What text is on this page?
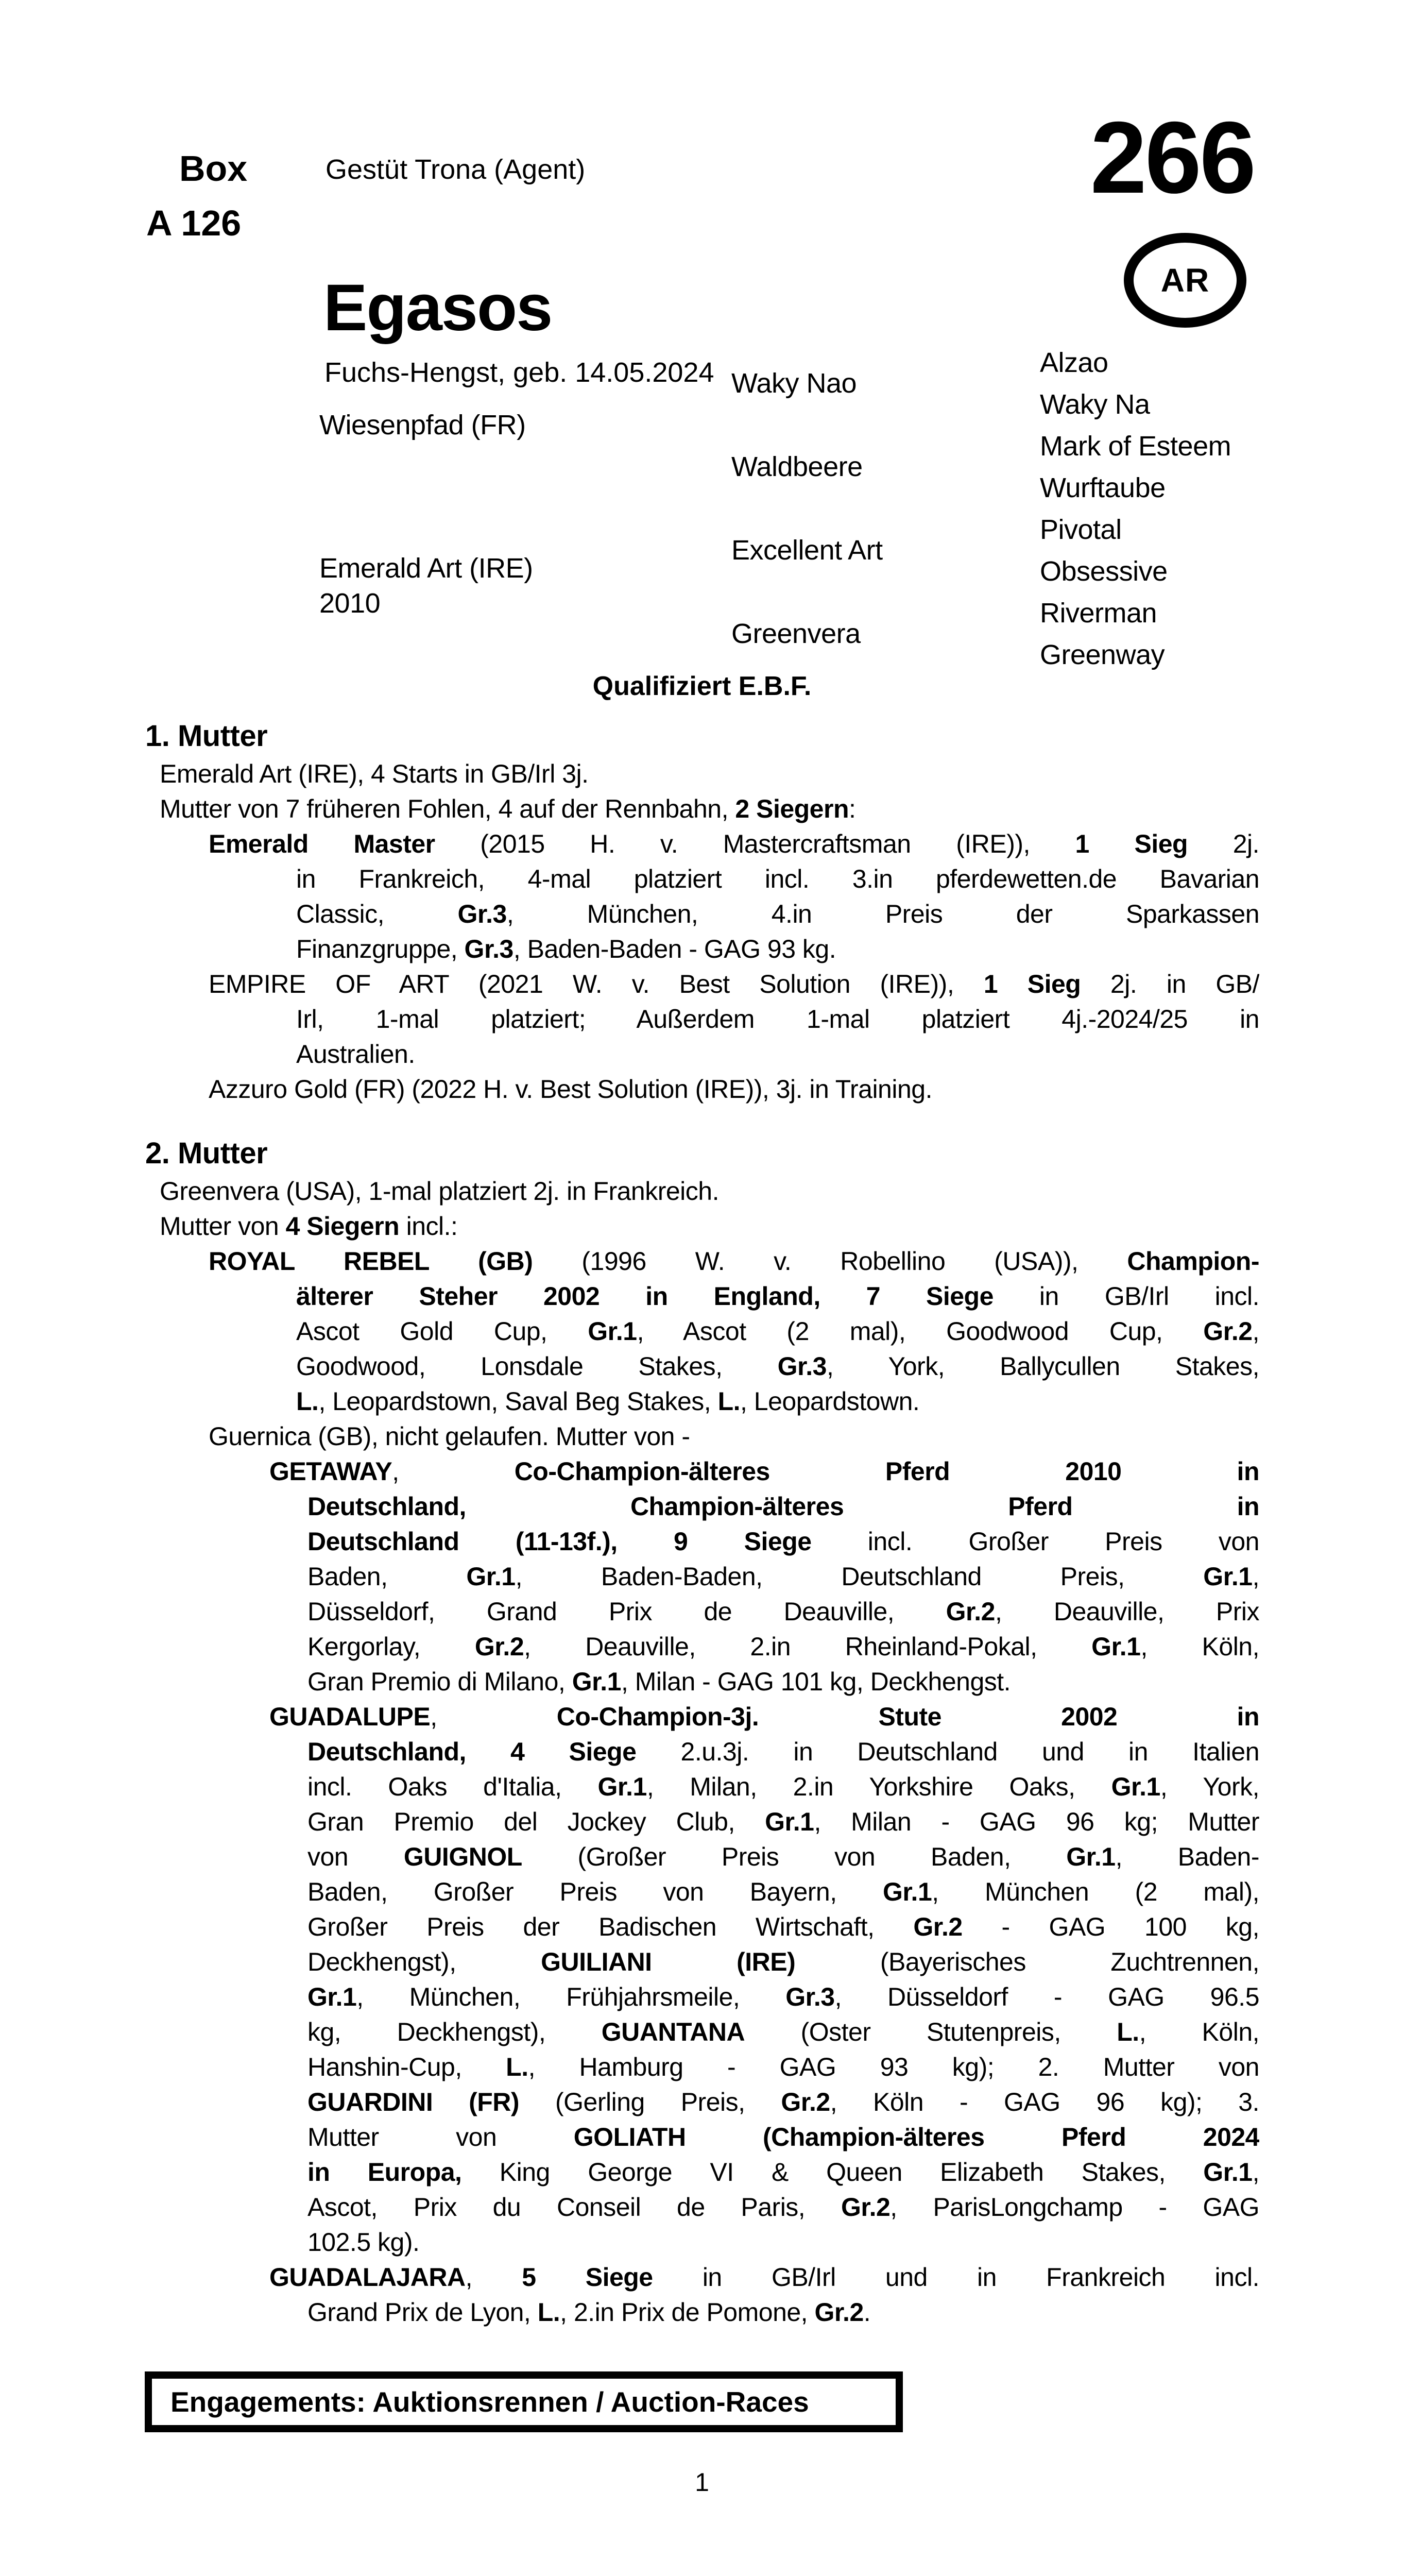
Box
A 126
Gestüt Trona (Agent)	266
AR
Egasos
Fuchs-Hengst, geb. 14.05.2024
Wiesenpfad (FR)
Emerald Art (IRE)
2010
Waky Nao
Waldbeere
Excellent Art
Greenvera
Alzao
Waky Na
Mark of Esteem
Wurftaube
Pivotal
Obsessive
Riverman
Greenway
Qualifiziert E.B.F.
1. Mutter
Emerald Art (IRE), 4 Starts in GB/Irl 3j.
Mutter von 7 früheren Fohlen, 4 auf der Rennbahn, 2 Siegern:
Emerald Master (2015 H. v. Mastercraftsman (IRE)), 1 Sieg 2j.
in Frankreich, 4-mal platziert incl. 3.in pferdewetten.de Bavarian
Classic, Gr.3, München, 4.in Preis der Sparkassen
Finanzgruppe, Gr.3, Baden-Baden - GAG 93 kg.
EMPIRE OF ART (2021 W. v. Best Solution (IRE)), 1 Sieg 2j. in GB/
Irl, 1-mal platziert; Außerdem 1-mal platziert 4j.-2024/25 in
Australien.
Azzuro Gold (FR) (2022 H. v. Best Solution (IRE)), 3j. in Training.
2. Mutter
Greenvera (USA), 1-mal platziert 2j. in Frankreich.
Mutter von 4 Siegern incl.:
ROYAL REBEL (GB) (1996 W. v. Robellino (USA)), Champion-
älterer Steher 2002 in England, 7 Siege in GB/Irl incl.
Ascot Gold Cup, Gr.1, Ascot (2 mal), Goodwood Cup, Gr.2,
Goodwood, Lonsdale Stakes, Gr.3, York, Ballycullen Stakes,
L., Leopardstown, Saval Beg Stakes, L., Leopardstown.
Guernica (GB), nicht gelaufen. Mutter von -
GETAWAY, Co-Champion-älteres Pferd 2010 in
Deutschland, Champion-älteres Pferd in
Deutschland (11-13f.), 9 Siege incl. Großer Preis von
Baden, Gr.1, Baden-Baden, Deutschland Preis, Gr.1,
Düsseldorf, Grand Prix de Deauville, Gr.2, Deauville, Prix
Kergorlay, Gr.2, Deauville, 2.in Rheinland-Pokal, Gr.1, Köln,
Gran Premio di Milano, Gr.1, Milan - GAG 101 kg, Deckhengst.
GUADALUPE, Co-Champion-3j. Stute 2002 in
Deutschland, 4 Siege 2.u.3j. in Deutschland und in Italien
incl. Oaks d'Italia, Gr.1, Milan, 2.in Yorkshire Oaks, Gr.1, York,
Gran Premio del Jockey Club, Gr.1, Milan - GAG 96 kg; Mutter
von GUIGNOL (Großer Preis von Baden, Gr.1, Baden-
Baden, Großer Preis von Bayern, Gr.1, München (2 mal),
Großer Preis der Badischen Wirtschaft, Gr.2 - GAG 100 kg,
Deckhengst), GUILIANI (IRE) (Bayerisches Zuchtrennen,
Gr.1, München, Frühjahrsmeile, Gr.3, Düsseldorf - GAG 96.5
kg, Deckhengst), GUANTANA (Oster Stutenpreis, L., Köln,
Hanshin-Cup, L., Hamburg - GAG 93 kg); 2. Mutter von
GUARDINI (FR) (Gerling Preis, Gr.2, Köln - GAG 96 kg); 3.
Mutter von GOLIATH	(Champion-älteres Pferd 2024
in Europa, King George VI & Queen Elizabeth Stakes, Gr.1,
Ascot, Prix du Conseil de Paris, Gr.2, ParisLongchamp - GAG
102.5 kg).
GUADALAJARA, 5 Siege in GB/Irl und in Frankreich incl.
Grand Prix de Lyon, L., 2.in Prix de Pomone, Gr.2.
Engagements: Auktionsrennen / Auction-Races
1
